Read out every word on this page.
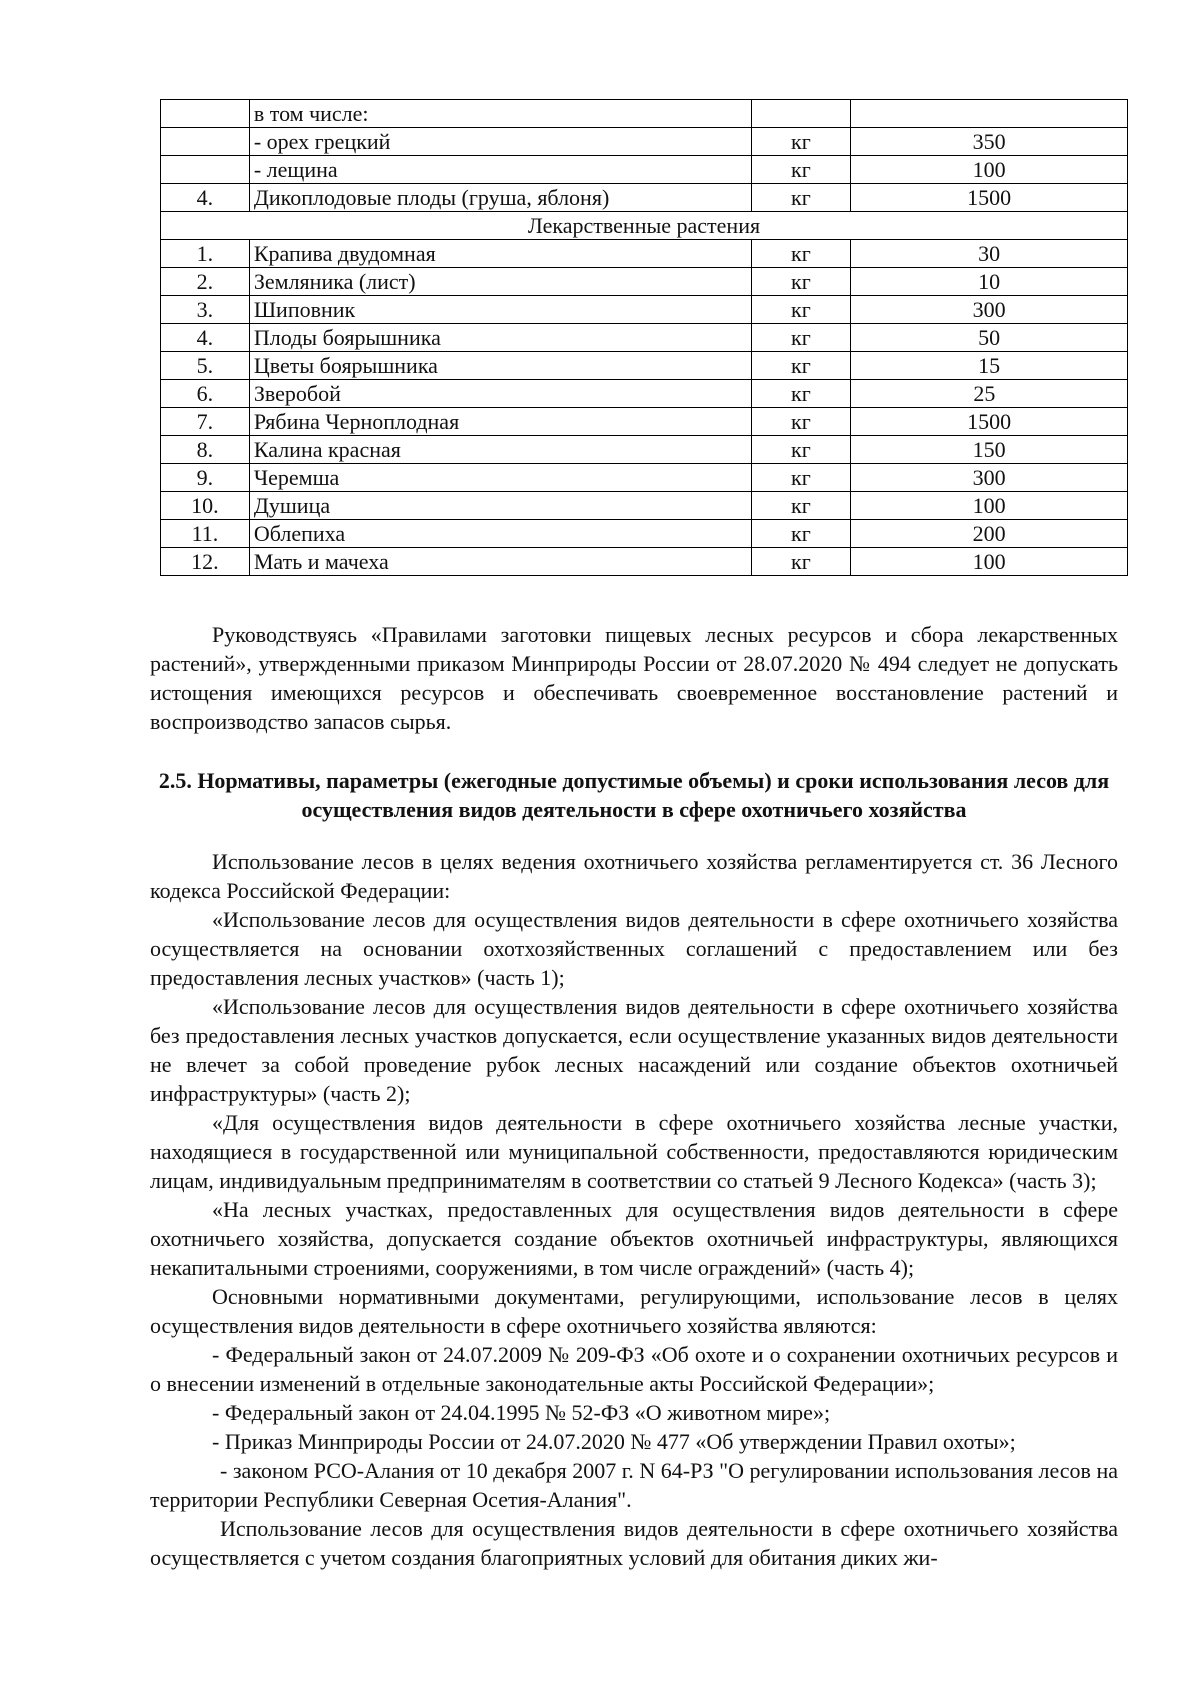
	в том числе:		
	- орех грецкий	кг	350
	- лещина	кг	100
4.	Дикоплодовые плоды (груша, яблоня)	кг	1500
Лекарственные растения			
1.	Крапива двудомная	кг	30
2.	Земляника (лист)	кг	10
3.	Шиповник	кг	300
4.	Плоды боярышника	кг	50
5.	Цветы боярышника	кг	15
6.	Зверобой	кг	25
7.	Рябина Черноплодная	кг	1500
8.	Калина красная	кг	150
9.	Черемша	кг	300
10.	Душица	кг	100
11.	Облепиха	кг	200
12.	Мать и мачеха	кг	100

Руководствуясь «Правилами заготовки пищевых лесных ресурсов и сбора лекарственных растений», утвержденными приказом Минприроды России от 28.07.2020 № 494 следует не допускать истощения имеющихся ресурсов и обеспечивать своевременное восстановление растений и воспроизводство запасов сырья.

2.5. Нормативы, параметры (ежегодные допустимые объемы) и сроки использования лесов для осуществления видов деятельности в сфере охотничьего хозяйства

Использование лесов в целях ведения охотничьего хозяйства регламентируется ст. 36 Лесного кодекса Российской Федерации:

«Использование лесов для осуществления видов деятельности в сфере охотничьего хозяйства осуществляется на основании охотхозяйственных соглашений с предоставлением или без предоставления лесных участков» (часть 1);

«Использование лесов для осуществления видов деятельности в сфере охотничьего хозяйства без предоставления лесных участков допускается, если осуществление указанных видов деятельности не влечет за собой проведение рубок лесных насаждений или создание объектов охотничьей инфраструктуры» (часть 2);

«Для осуществления видов деятельности в сфере охотничьего хозяйства лесные участки, находящиеся в государственной или муниципальной собственности, предоставляются юридическим лицам, индивидуальным предпринимателям в соответствии со статьей 9 Лесного Кодекса» (часть 3);

«На лесных участках, предоставленных для осуществления видов деятельности в сфере охотничьего хозяйства, допускается создание объектов охотничьей инфраструктуры, являющихся некапитальными строениями, сооружениями, в том числе ограждений» (часть 4);

Основными нормативными документами, регулирующими, использование лесов в целях осуществления видов деятельности в сфере охотничьего хозяйства являются:

- Федеральный закон от 24.07.2009 № 209-ФЗ «Об охоте и о сохранении охотничьих ресурсов и о внесении изменений в отдельные законодательные акты Российской Федерации»;

- Федеральный закон от 24.04.1995 № 52-ФЗ «О животном мире»;

- Приказ Минприроды России от 24.07.2020 № 477 «Об утверждении Правил охоты»;

- законом РСО-Алания от 10 декабря 2007 г. N 64-РЗ "О регулировании использования лесов на территории Республики Северная Осетия-Алания".

Использование лесов для осуществления видов деятельности в сфере охотничьего хозяйства осуществляется с учетом создания благоприятных условий для обитания диких жи-
